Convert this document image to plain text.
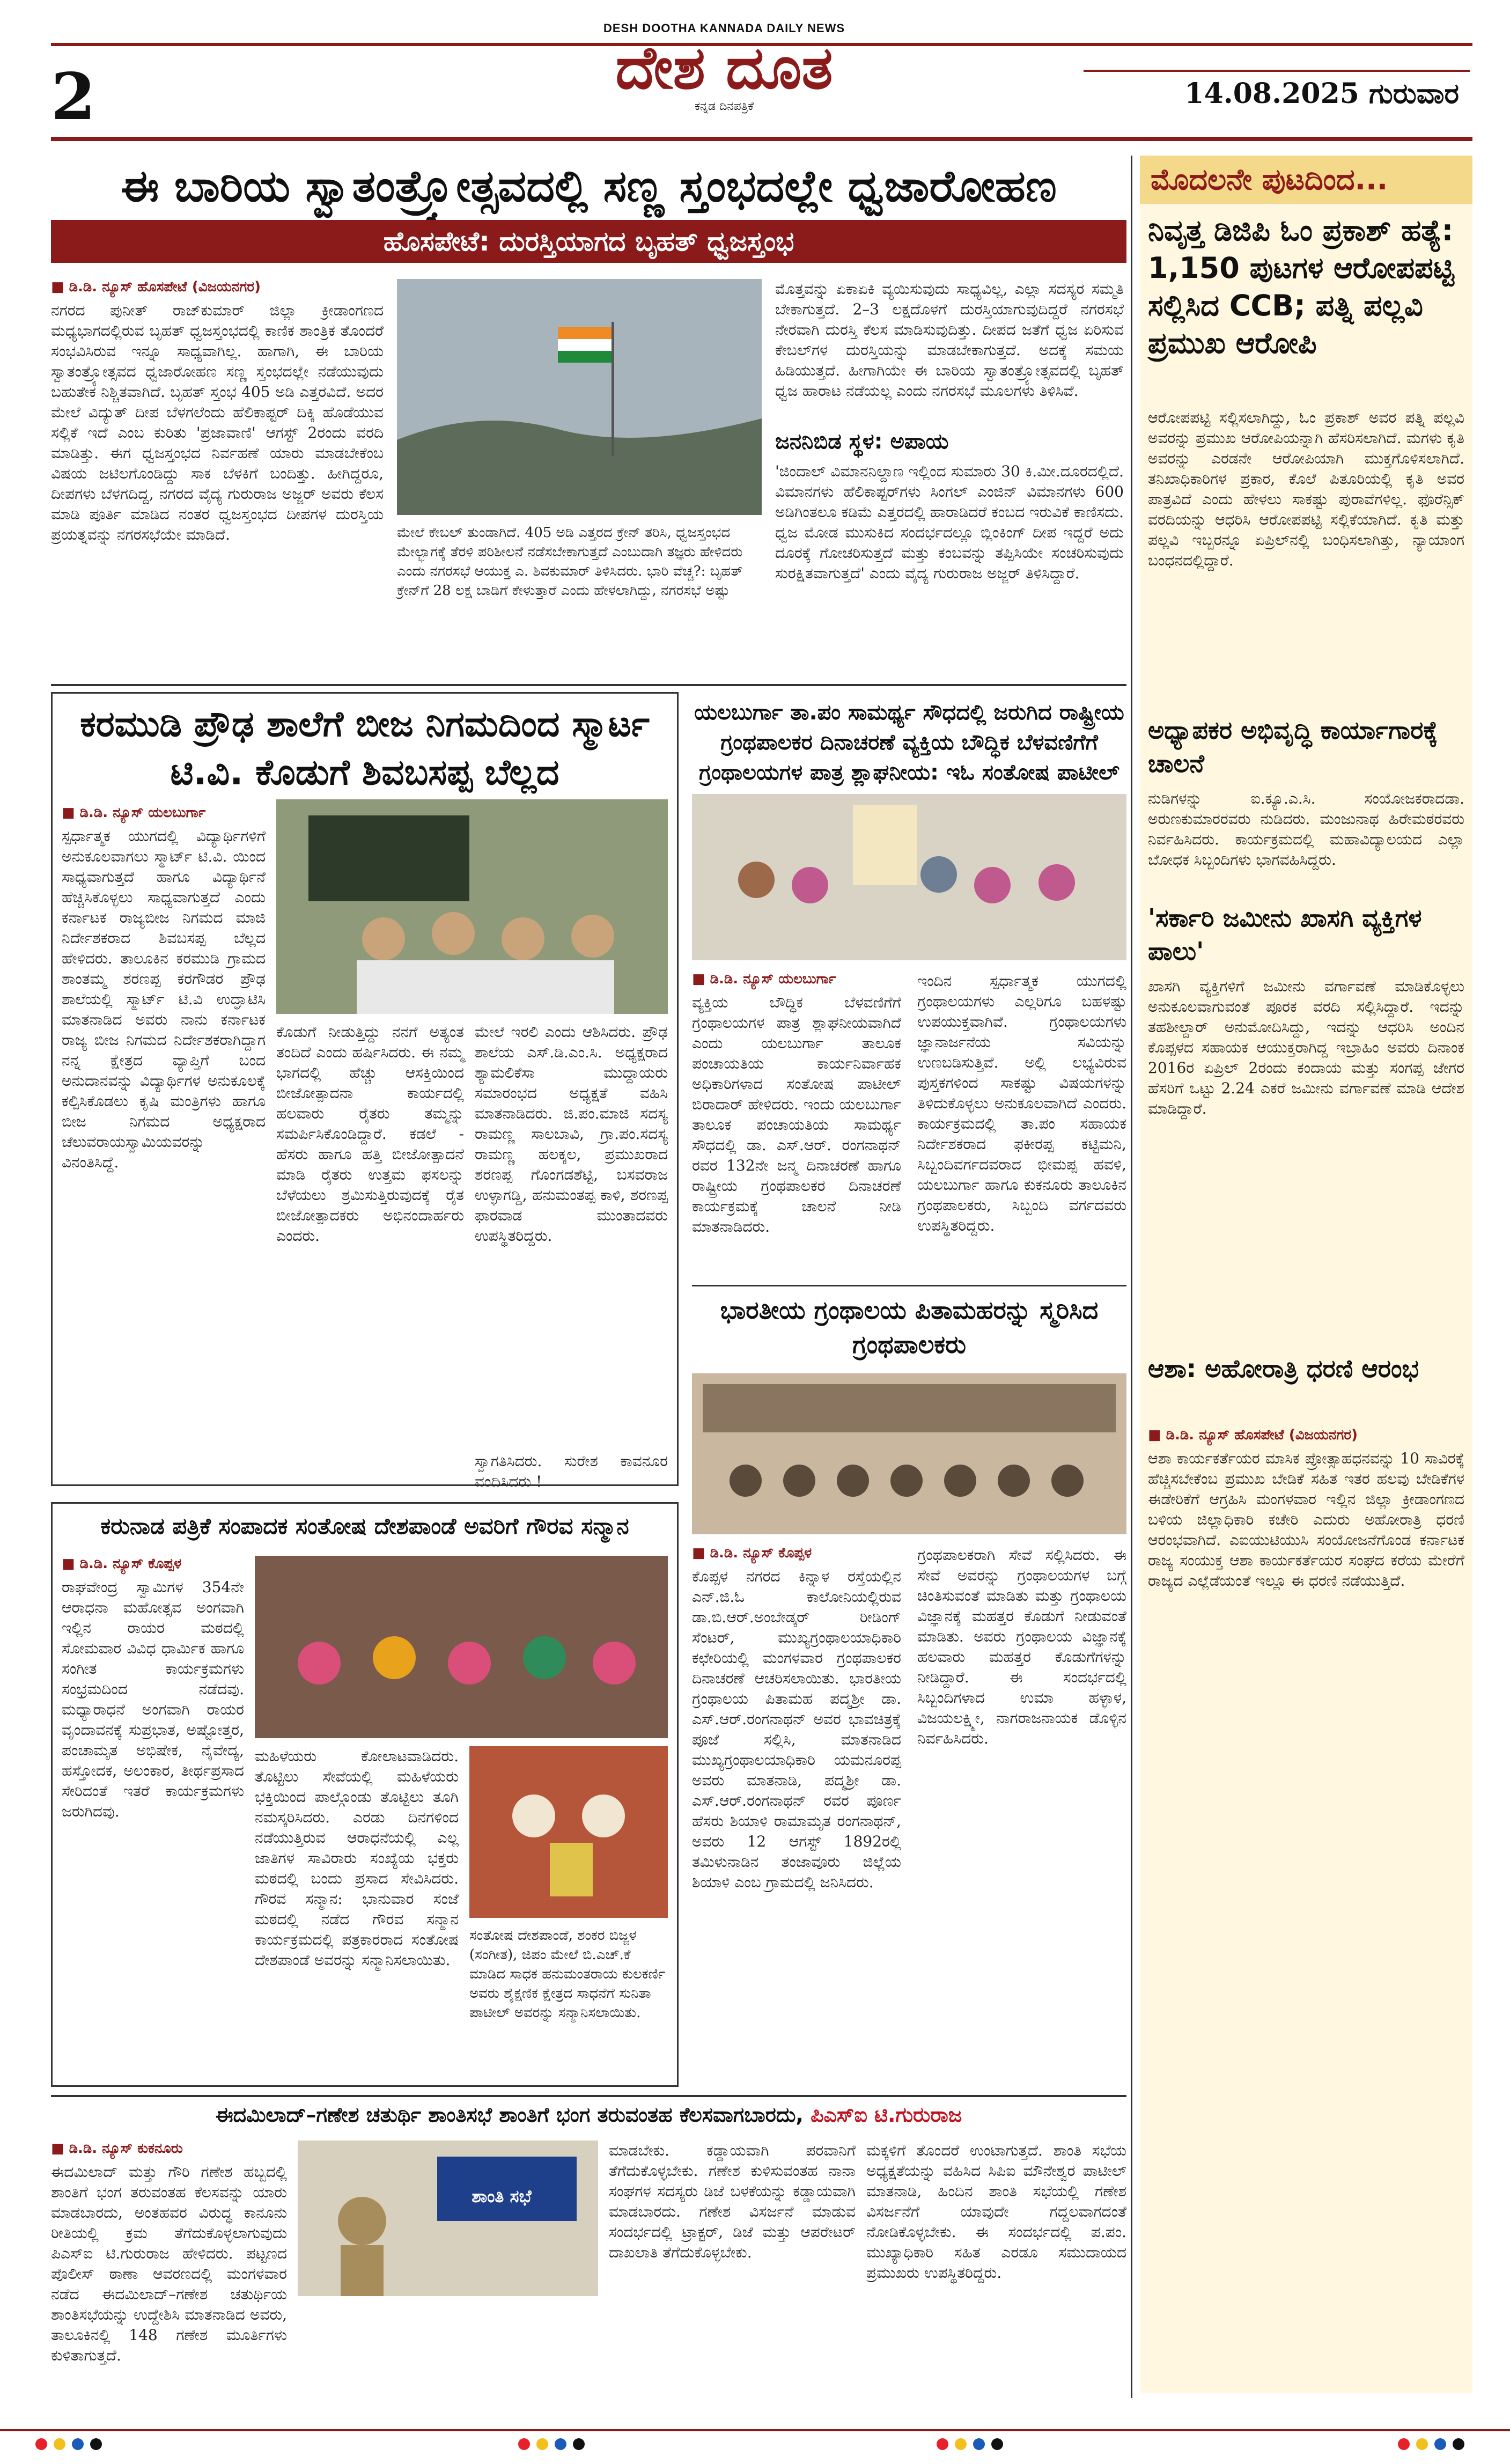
2
DESH DOOTHA KANNADA DAILY NEWS
ದೇಶ ದೂತ
ಕನ್ನಡ ದಿನಪತ್ರಿಕೆ	14.08.2025 ಗುರುವಾರ
ಈ ಬಾರಿಯ ಸ್ವಾತಂತ್ರ್ಯೋತ್ಸವದಲ್ಲಿ ಸಣ್ಣ ಸ್ತಂಭದಲ್ಲೇ ಧ್ವಜಾರೋಹಣ
ಹೊಸಪೇಟೆ: ದುರಸ್ತಿಯಾಗದ ಬೃಹತ್ ಧ್ವಜಸ್ತಂಭ
■ ಡಿ.ಡಿ. ನ್ಯೂಸ್ ಹೊಸಪೇಟೆ (ವಿಜಯನಗರ)
ನಗರದ ಪುನೀತ್ ರಾಜ್‌ಕುಮಾರ್ ಜಿಲ್ಲಾ ಕ್ರೀಡಾಂಗಣದ ಮಧ್ಯಭಾಗದಲ್ಲಿರುವ ಬೃಹತ್ ಧ್ವಜಸ್ತಂಭದಲ್ಲಿ ಕಾಣಿಕ ಶಾಂತ್ರಿಕ ತೊಂದರೆ ಸಂಭವಿಸಿರುವ ಇನ್ನೂ ಸಾಧ್ಯವಾಗಿಲ್ಲ. ಹಾಗಾಗಿ, ಈ ಬಾರಿಯ ಸ್ವಾತಂತ್ರ್ಯೋತ್ಸವದ ಧ್ವಜಾರೋಹಣ ಸಣ್ಣ ಸ್ತಂಭದಲ್ಲೇ ನಡೆಯುವುದು ಬಹುತೇಕ ನಿಶ್ಚಿತವಾಗಿದೆ. ಬೃಹತ್ ಸ್ತಂಭ 405 ಅಡಿ ಎತ್ತರವಿದೆ. ಅದರ ಮೇಲೆ ವಿದ್ಯುತ್ ದೀಪ ಬೆಳಗಲೆಂದು ಹೆಲಿಕಾಪ್ಟರ್ ದಿಕ್ಕಿ ಹೊಡೆಯುವ ಸಲ್ಲಿಕೆ ಇದೆ ಎಂಬ ಕುರಿತು 'ಪ್ರಜಾವಾಣಿ' ಆಗಸ್ಟ್ 2ರಂದು ವರದಿ ಮಾಡಿತ್ತು. ಈಗ ಧ್ವಜಸ್ತಂಭದ ನಿರ್ವಹಣೆ ಯಾರು ಮಾಡಬೇಕೆಂಬ ವಿಷಯ ಜಟಿಲಗೊಂಡಿದ್ದು ಸಾಕ ಬೆಳಕಿಗೆ ಬಂದಿತ್ತು. ಹೀಗಿದ್ದರೂ, ದೀಪಗಳು ಬೆಳಗದಿದ್ದ, ನಗರದ ವೈದ್ಯ ಗುರುರಾಜ ಅಜ್ಜರ್ ಅವರು ಕೆಲಸ ಮಾಡಿ ಪೂರ್ತಿ ಮಾಡಿದ ನಂತರ ಧ್ವಜಸ್ತಂಭದ ದೀಪಗಳ ದುರಸ್ತಿಯ ಪ್ರಯತ್ನವನ್ನು ನಗರಸಭೆಯೇ ಮಾಡಿದೆ.	ಮೇಲೆ ಕೇಬಲ್ ತುಂಡಾಗಿದೆ. 405 ಅಡಿ ಎತ್ತರದ ಕ್ರೇನ್ ತರಿಸಿ, ಧ್ವಜಸ್ತಂಭದ ಮೇಲ್ಭಾಗಕ್ಕೆ ತೆರಳಿ ಪರಿಶೀಲನೆ ನಡೆಸಬೇಕಾಗುತ್ತದೆ ಎಂಬುದಾಗಿ ತಜ್ಞರು ಹೇಳಿದರು ಎಂದು ನಗರಸಭೆ ಆಯುಕ್ತ ಎ. ಶಿವಕುಮಾರ್ ತಿಳಿಸಿದರು. ಭಾರಿ ವೆಚ್ಚ?: ಬೃಹತ್ ಕ್ರೇನ್‌ಗೆ 28 ಲಕ್ಷ ಬಾಡಿಗೆ ಕೇಳುತ್ತಾರೆ ಎಂದು ಹೇಳಲಾಗಿದ್ದು, ನಗರಸಭೆ ಅಷ್ಟು
ಮೊತ್ತವನ್ನು ಏಕಾಏಕಿ ವ್ಯಯಿಸುವುದು ಸಾಧ್ಯವಿಲ್ಲ, ಎಲ್ಲಾ ಸದಸ್ಯರ ಸಮ್ಮತಿ ಬೇಕಾಗುತ್ತದೆ. 2–3 ಲಕ್ಷದೊಳಗೆ ದುರಸ್ತಿಯಾಗುವುದಿದ್ದರೆ ನಗರಸಭೆ ನೇರವಾಗಿ ದುರಸ್ತಿ ಕೆಲಸ ಮಾಡಿಸುವುದಿತ್ತು. ದೀಪದ ಜತೆಗೆ ಧ್ವಜ ಏರಿಸುವ ಕೇಬಲ್‌ಗಳ ದುರಸ್ತಿಯನ್ನು ಮಾಡಬೇಕಾಗುತ್ತದೆ. ಅದಕ್ಕೆ ಸಮಯ ಹಿಡಿಯುತ್ತದೆ. ಹೀಗಾಗಿಯೇ ಈ ಬಾರಿಯ ಸ್ವಾತಂತ್ರ್ಯೋತ್ಸವದಲ್ಲಿ ಬೃಹತ್ ಧ್ವಜ ಹಾರಾಟ ನಡೆಯಲ್ಲ ಎಂದು ನಗರಸಭೆ ಮೂಲಗಳು ತಿಳಿಸಿವೆ.
ಜನನಿಬಿಡ ಸ್ಥಳ: ಅಪಾಯ
'ಜಿಂದಾಲ್ ವಿಮಾನನಿಲ್ದಾಣ ಇಲ್ಲಿಂದ ಸುಮಾರು 30 ಕಿ.ಮೀ.ದೂರದಲ್ಲಿದೆ. ವಿಮಾನಗಳು ಹೆಲಿಕಾಪ್ಟರ್‌ಗಳು ಸಿಂಗಲ್ ಎಂಜಿನ್ ವಿಮಾನಗಳು 600 ಅಡಿಗಿಂತಲೂ ಕಡಿಮೆ ಎತ್ತರದಲ್ಲಿ ಹಾರಾಡಿದರೆ ಕಂಬದ ಇರುವಿಕೆ ಕಾಣಿಸದು. ಧ್ವಜ ಮೋಡ ಮುಸುಕಿದ ಸಂದರ್ಭದಲ್ಲೂ ಬ್ಲಿಂಕಿಂಗ್ ದೀಪ ಇದ್ದರೆ ಅದು ದೂರಕ್ಕೆ ಗೋಚರಿಸುತ್ತದೆ ಮತ್ತು ಕಂಬವನ್ನು ತಪ್ಪಿಸಿಯೇ ಸಂಚರಿಸುವುದು ಸುರಕ್ಷಿತವಾಗುತ್ತದೆ' ಎಂದು ವೈದ್ಯ ಗುರುರಾಜ ಅಜ್ಜರ್ ತಿಳಿಸಿದ್ದಾರೆ.
ಕರಮುಡಿ ಪ್ರೌಢ ಶಾಲೆಗೆ ಬೀಜ ನಿಗಮದಿಂದ ಸ್ಮಾರ್ಟ ಟಿ.ವಿ. ಕೊಡುಗೆ ಶಿವಬಸಪ್ಪ ಬೆಲ್ಲದ
■ ಡಿ.ಡಿ. ನ್ಯೂಸ್ ಯಲಬುರ್ಗಾ
ಸ್ಪರ್ಧಾತ್ಮಕ ಯುಗದಲ್ಲಿ ವಿದ್ಯಾರ್ಥಿಗಳಿಗೆ ಅನುಕೂಲವಾಗಲು ಸ್ಮಾರ್ಟ್ ಟಿ.ವಿ. ಯಿಂದ ಸಾಧ್ಯವಾಗುತ್ತದೆ ಹಾಗೂ ವಿದ್ಯಾರ್ಥಿನೆ ಹೆಚ್ಚಿಸಿಕೊಳ್ಳಲು ಸಾಧ್ಯವಾಗುತ್ತದೆ ಎಂದು ಕರ್ನಾಟಕ ರಾಜ್ಯಬೀಜ ನಿಗಮದ ಮಾಜಿ ನಿರ್ದೇಶಕರಾದ ಶಿವಬಸಪ್ಪ ಬೆಲ್ಲದ ಹೇಳಿದರು. ತಾಲೂಕಿನ ಕರಮುಡಿ ಗ್ರಾಮದ ಶಾಂತಮ್ಮ ಶರಣಪ್ಪ ಕರಗೌಡರ ಪ್ರೌಢ ಶಾಲೆಯಲ್ಲಿ ಸ್ಮಾರ್ಟ್ ಟಿ.ವಿ ಉದ್ಘಾಟಿಸಿ ಮಾತನಾಡಿದ ಅವರು ನಾನು ಕರ್ನಾಟಕ ರಾಜ್ಯ ಬೀಜ ನಿಗಮದ ನಿರ್ದೇಶಕರಾಗಿದ್ದಾಗ ನನ್ನ ಕ್ಷೇತ್ರದ ವ್ಯಾಪ್ತಿಗೆ ಬಂದ ಅನುದಾನವನ್ನು ವಿದ್ಯಾರ್ಥಿಗಳ ಅನುಕೂಲಕ್ಕೆ ಕಲ್ಪಿಸಿಕೊಡಲು ಕೃಷಿ ಮಂತ್ರಿಗಳು ಹಾಗೂ ಬೀಜ ನಿಗಮದ ಅಧ್ಯಕ್ಷರಾದ ಚೆಲುವರಾಯಸ್ವಾಮಿಯವರನ್ನು ವಿನಂತಿಸಿದ್ದೆ.
ಕೊಡುಗೆ ನೀಡುತ್ತಿದ್ದು ನನಗೆ ಅತ್ಯಂತ ತಂದಿದೆ ಎಂದು ಹರ್ಷಿಸಿದರು. ಈ ನಮ್ಮ ಭಾಗದಲ್ಲಿ ಹೆಚ್ಚು ಆಸಕ್ತಿಯಿಂದ ಬೀಜೋತ್ಪಾದನಾ ಕಾರ್ಯದಲ್ಲಿ ಹಲವಾರು ರೈತರು ತಮ್ಮನ್ನು ಸಮರ್ಪಿಸಿಕೊಂಡಿದ್ದಾರೆ. ಕಡಲೆ - ಹೆಸರು ಹಾಗೂ ಹತ್ತಿ ಬೀಜೋತ್ಪಾದನೆ ಮಾಡಿ ರೈತರು ಉತ್ತಮ ಫಸಲನ್ನು ಬೆಳೆಯಲು ಶ್ರಮಿಸುತ್ತಿರುವುದಕ್ಕೆ ರೈತ ಬೀಜೋತ್ಪಾದಕರು ಅಭಿನಂದಾರ್ಹರು ಎಂದರು.
ಮೇಲೆ ಇರಲಿ ಎಂದು ಆಶಿಸಿದರು. ಪ್ರೌಢ ಶಾಲೆಯ ಎಸ್.ಡಿ.ಎಂ.ಸಿ. ಅಧ್ಯಕ್ಷರಾದ ಶ್ಯಾಮಲಿಕೆಸಾ ಮುದ್ದಾಯರು ಸಮಾರಂಭದ ಅಧ್ಯಕ್ಷತೆ ವಹಿಸಿ ಮಾತನಾಡಿದರು. ಜಿ.ಪಂ.ಮಾಜಿ ಸದಸ್ಯ ರಾಮಣ್ಣ ಸಾಲಬಾವಿ, ಗ್ರಾ.ಪಂ.ಸದಸ್ಯ ರಾಮಣ್ಣ ಹಲಕ್ಕಲ, ಪ್ರಮುಖರಾದ ಶರಣಪ್ಪ ಗೊಂಗಡಶೆಟ್ಟಿ, ಬಸವರಾಜ ಉಳ್ಳಾಗಡ್ಡಿ, ಹನುಮಂತಪ್ಪ ಕಾಳಿ, ಶರಣಪ್ಪ ಫಾರವಾಡ ಮುಂತಾದವರು ಉಪಸ್ಥಿತರಿದ್ದರು.
ಸ್ವಾಗತಿಸಿದರು. ಸುರೇಶ ಕಾವನೂರ ವಂದಿಸಿದರು !
ಯಲಬುರ್ಗಾ ತಾ.ಪಂ ಸಾಮರ್ಥ್ಯ ಸೌಧದಲ್ಲಿ ಜರುಗಿದ ರಾಷ್ಟ್ರೀಯ ಗ್ರಂಥಪಾಲಕರ ದಿನಾಚರಣೆ ವ್ಯಕ್ತಿಯ ಬೌದ್ಧಿಕ ಬೆಳವಣಿಗೆಗೆ ಗ್ರಂಥಾಲಯಗಳ ಪಾತ್ರ ಶ್ಲಾಘನೀಯ: ಇಓ ಸಂತೋಷ ಪಾಟೀಲ್
■ ಡಿ.ಡಿ. ನ್ಯೂಸ್ ಯಲಬುರ್ಗಾ
ವ್ಯಕ್ತಿಯ ಬೌದ್ಧಿಕ ಬೆಳವಣಿಗೆಗೆ ಗ್ರಂಥಾಲಯಗಳ ಪಾತ್ರ ಶ್ಲಾಘನೀಯವಾಗಿದೆ ಎಂದು ಯಲಬುರ್ಗಾ ತಾಲೂಕ ಪಂಚಾಯತಿಯ ಕಾರ್ಯನಿರ್ವಾಹಕ ಅಧಿಕಾರಿಗಳಾದ ಸಂತೋಷ ಪಾಟೀಲ್ ಬಿರಾದಾರ್ ಹೇಳಿದರು. ಇಂದು ಯಲಬುರ್ಗಾ ತಾಲೂಕ ಪಂಚಾಯತಿಯ ಸಾಮರ್ಥ್ಯ ಸೌಧದಲ್ಲಿ ಡಾ. ಎಸ್.ಆರ್. ರಂಗನಾಥನ್ ರವರ 132ನೇ ಜನ್ಮ ದಿನಾಚರಣೆ ಹಾಗೂ ರಾಷ್ಟ್ರೀಯ ಗ್ರಂಥಪಾಲಕರ ದಿನಾಚರಣೆ ಕಾರ್ಯಕ್ರಮಕ್ಕೆ ಚಾಲನೆ ನೀಡಿ ಮಾತನಾಡಿದರು.
ಇಂದಿನ ಸ್ಪರ್ಧಾತ್ಮಕ ಯುಗದಲ್ಲಿ ಗ್ರಂಥಾಲಯಗಳು ಎಲ್ಲರಿಗೂ ಬಹಳಷ್ಟು ಉಪಯುಕ್ತವಾಗಿವೆ. ಗ್ರಂಥಾಲಯಗಳು ಜ್ಞಾನಾರ್ಜನೆಯ ಸವಿಯನ್ನು ಉಣಬಡಿಸುತ್ತಿವೆ. ಅಲ್ಲಿ ಲಭ್ಯವಿರುವ ಪುಸ್ತಕಗಳಿಂದ ಸಾಕಷ್ಟು ವಿಷಯಗಳನ್ನು ತಿಳಿದುಕೊಳ್ಳಲು ಅನುಕೂಲವಾಗಿದೆ ಎಂದರು. ಕಾರ್ಯಕ್ರಮದಲ್ಲಿ ತಾ.ಪಂ ಸಹಾಯಕ ನಿರ್ದೇಶಕರಾದ ಫಕೀರಪ್ಪ ಕಟ್ಟಿಮನಿ, ಸಿಬ್ಬಂದಿವರ್ಗದವರಾದ ಭೀಮಪ್ಪ ಹವಳಿ, ಯಲಬುರ್ಗಾ ಹಾಗೂ ಕುಕನೂರು ತಾಲೂಕಿನ ಗ್ರಂಥಪಾಲಕರು, ಸಿಬ್ಬಂದಿ ವರ್ಗದವರು ಉಪಸ್ಥಿತರಿದ್ದರು.
ಭಾರತೀಯ ಗ್ರಂಥಾಲಯ ಪಿತಾಮಹರನ್ನು ಸ್ಮರಿಸಿದ ಗ್ರಂಥಪಾಲಕರು
■ ಡಿ.ಡಿ. ನ್ಯೂಸ್ ಕೊಪ್ಪಳ
ಕೊಪ್ಪಳ ನಗರದ ಕಿನ್ನಾಳ ರಸ್ತೆಯಲ್ಲಿನ ಎನ್.ಜಿ.ಓ ಕಾಲೋನಿಯಲ್ಲಿರುವ ಡಾ.ಬಿ.ಆರ್.ಅಂಬೇಡ್ಕರ್ ರೀಡಿಂಗ್ ಸೆಂಟರ್, ಮುಖ್ಯಗ್ರಂಥಾಲಯಾಧಿಕಾರಿ ಕಛೇರಿಯಲ್ಲಿ ಮಂಗಳವಾರ ಗ್ರಂಥಪಾಲಕರ ದಿನಾಚರಣೆ ಆಚರಿಸಲಾಯಿತು. ಭಾರತೀಯ ಗ್ರಂಥಾಲಯ ಪಿತಾಮಹ ಪದ್ಮಶ್ರೀ ಡಾ. ಎಸ್.ಆರ್.ರಂಗನಾಥನ್ ಅವರ ಭಾವಚಿತ್ರಕ್ಕೆ ಪೂಜೆ ಸಲ್ಲಿಸಿ, ಮಾತನಾಡಿದ ಮುಖ್ಯಗ್ರಂಥಾಲಯಾಧಿಕಾರಿ ಯಮನೂರಪ್ಪ ಅವರು ಮಾತನಾಡಿ, ಪದ್ಮಶ್ರೀ ಡಾ. ಎಸ್.ಆರ್.ರಂಗನಾಥನ್ ರವರ ಪೂರ್ಣ ಹೆಸರು ಶಿಯಾಳಿ ರಾಮಾಮೃತ ರಂಗನಾಥನ್, ಅವರು 12 ಆಗಸ್ಟ್ 1892ರಲ್ಲಿ ತಮಿಳುನಾಡಿನ ತಂಜಾವೂರು ಜಿಲ್ಲೆಯ ಶಿಯಾಳಿ ಎಂಬ ಗ್ರಾಮದಲ್ಲಿ ಜನಿಸಿದರು.
ಗ್ರಂಥಪಾಲಕರಾಗಿ ಸೇವೆ ಸಲ್ಲಿಸಿದರು. ಈ ಸೇವೆ ಅವರನ್ನು ಗ್ರಂಥಾಲಯಗಳ ಬಗ್ಗೆ ಚಿಂತಿಸುವಂತೆ ಮಾಡಿತು ಮತ್ತು ಗ್ರಂಥಾಲಯ ವಿಜ್ಞಾನಕ್ಕೆ ಮಹತ್ತರ ಕೊಡುಗೆ ನೀಡುವಂತೆ ಮಾಡಿತು. ಅವರು ಗ್ರಂಥಾಲಯ ವಿಜ್ಞಾನಕ್ಕೆ ಹಲವಾರು ಮಹತ್ತರ ಕೊಡುಗೆಗಳನ್ನು ನೀಡಿದ್ದಾರೆ. ಈ ಸಂದರ್ಭದಲ್ಲಿ ಸಿಬ್ಬಂದಿಗಳಾದ ಉಮಾ ಹಳ್ಳಾಳ, ವಿಜಯಲಕ್ಷ್ಮೀ, ನಾಗರಾಜನಾಯಕ ಡೊಳ್ಳಿನ ನಿರ್ವಹಿಸಿದರು.
ಕರುನಾಡ ಪತ್ರಿಕೆ ಸಂಪಾದಕ ಸಂತೋಷ ದೇಶಪಾಂಡೆ ಅವರಿಗೆ ಗೌರವ ಸನ್ಮಾನ
■ ಡಿ.ಡಿ. ನ್ಯೂಸ್ ಕೊಪ್ಪಳ
ರಾಘವೇಂದ್ರ ಸ್ವಾಮಿಗಳ 354ನೇ ಆರಾಧನಾ ಮಹೋತ್ಸವ ಅಂಗವಾಗಿ ಇಲ್ಲಿನ ರಾಯರ ಮಠದಲ್ಲಿ ಸೋಮವಾರ ವಿವಿಧ ಧಾರ್ಮಿಕ ಹಾಗೂ ಸಂಗೀತ ಕಾರ್ಯಕ್ರಮಗಳು ಸಂಭ್ರಮದಿಂದ ನಡೆದವು. ಮಧ್ಯಾರಾಧನೆ ಅಂಗವಾಗಿ ರಾಯರ ವೃಂದಾವನಕ್ಕೆ ಸುಪ್ರಭಾತ, ಅಷ್ಟೋತ್ತರ, ಪಂಚಾಮೃತ ಅಭಿಷೇಕ, ನೈವೇದ್ಯ, ಹಸ್ತೋದಕ, ಅಲಂಕಾರ, ತೀರ್ಥಪ್ರಸಾದ ಸೇರಿದಂತೆ ಇತರೆ ಕಾರ್ಯಕ್ರಮಗಳು ಜರುಗಿದವು.
ಮಹಿಳೆಯರು ಕೋಲಾಟವಾಡಿದರು. ತೊಟ್ಟಿಲು ಸೇವೆಯಲ್ಲಿ ಮಹಿಳೆಯರು ಭಕ್ತಿಯಿಂದ ಪಾಲ್ಗೊಂಡು ತೊಟ್ಟಿಲು ತೂಗಿ ನಮಸ್ಕರಿಸಿದರು. ಎರಡು ದಿನಗಳಿಂದ ನಡೆಯುತ್ತಿರುವ ಆರಾಧನೆಯಲ್ಲಿ ಎಲ್ಲ ಜಾತಿಗಳ ಸಾವಿರಾರು ಸಂಖ್ಯೆಯ ಭಕ್ತರು ಮಠದಲ್ಲಿ ಬಂದು ಪ್ರಸಾದ ಸೇವಿಸಿದರು. ಗೌರವ ಸನ್ಮಾನ: ಭಾನುವಾರ ಸಂಜೆ ಮಠದಲ್ಲಿ ನಡೆದ ಗೌರವ ಸನ್ಮಾನ ಕಾರ್ಯಕ್ರಮದಲ್ಲಿ ಪತ್ರಕಾರರಾದ ಸಂತೋಷ ದೇಶಪಾಂಡೆ ಅವರನ್ನು ಸನ್ಮಾನಿಸಲಾಯಿತು.
ಸಂತೋಷ ದೇಶಪಾಂಡೆ, ಶಂಕರ ಬಿಜ್ಜಳ (ಸಂಗೀತ), ಜಿಪಂ ಮೇಲೆ ಬಿ.ಎಚ್.ಕೆ ಮಾಡಿದ ಸಾಧಕ ಹನುಮಂತರಾಯ ಕುಲಕರ್ಣಿ ಅವರು ಶೈಕ್ಷಣಿಕ ಕ್ಷೇತ್ರದ ಸಾಧನೆಗೆ ಸುನಿತಾ ಪಾಟೀಲ್ ಅವರನ್ನು ಸನ್ಮಾನಿಸಲಾಯಿತು.
ಈದಮಿಲಾದ್–ಗಣೇಶ ಚತುರ್ಥಿ ಶಾಂತಿಸಭೆ ಶಾಂತಿಗೆ ಭಂಗ ತರುವಂತಹ ಕೆಲಸವಾಗಬಾರದು, ಪಿಎಸ್ಐ ಟಿ.ಗುರುರಾಜ
■ ಡಿ.ಡಿ. ನ್ಯೂಸ್ ಕುಕನೂರು
ಈದಮಿಲಾದ್ ಮತ್ತು ಗೌರಿ ಗಣೇಶ ಹಬ್ಬದಲ್ಲಿ ಶಾಂತಿಗೆ ಭಂಗ ತರುವಂತಹ ಕೆಲಸವನ್ನು ಯಾರು ಮಾಡಬಾರದು, ಅಂತಹವರ ವಿರುದ್ಧ ಕಾನೂನು ರೀತಿಯಲ್ಲಿ ಕ್ರಮ ತೆಗೆದುಕೊಳ್ಳಲಾಗುವುದು ಪಿಎಸ್ಐ ಟಿ.ಗುರುರಾಜ ಹೇಳಿದರು. ಪಟ್ಟಣದ ಪೊಲೀಸ್ ಠಾಣಾ ಆವರಣದಲ್ಲಿ ಮಂಗಳವಾರ ನಡೆದ ಈದಮಿಲಾದ್–ಗಣೇಶ ಚತುರ್ಥಿಯ ಶಾಂತಿಸಭೆಯನ್ನು ಉದ್ದೇಶಿಸಿ ಮಾತನಾಡಿದ ಅವರು, ತಾಲೂಕಿನಲ್ಲಿ 148 ಗಣೇಶ ಮೂರ್ತಿಗಳು ಕುಳಿತಾಗುತ್ತದೆ.
ಶಾಂತಿ ಸಭೆ
ಮಾಡಬೇಕು. ಕಡ್ಡಾಯವಾಗಿ ಪರವಾನಿಗೆ ತೆಗೆದುಕೊಳ್ಳಬೇಕು. ಗಣೇಶ ಕುಳಿಸುವಂತಹ ನಾನಾ ಸಂಘಗಳ ಸದಸ್ಯರು ಡಿಜೆ ಬಳಕೆಯನ್ನು ಕಡ್ಡಾಯವಾಗಿ ಮಾಡಬಾರದು. ಗಣೇಶ ವಿಸರ್ಜನೆ ಮಾಡುವ ಸಂದರ್ಭದಲ್ಲಿ ಟ್ರಾಕ್ಟರ್, ಡಿಜೆ ಮತ್ತು ಆಪರೇಟರ್ ದಾಖಲಾತಿ ತೆಗೆದುಕೊಳ್ಳಬೇಕು.
ಮಕ್ಕಳಿಗೆ ತೊಂದರೆ ಉಂಟಾಗುತ್ತದೆ. ಶಾಂತಿ ಸಭೆಯ ಅಧ್ಯಕ್ಷತೆಯನ್ನು ವಹಿಸಿದ ಸಿಪಿಐ ಮೌನೇಶ್ವರ ಪಾಟೀಲ್ ಮಾತನಾಡಿ, ಹಿಂದಿನ ಶಾಂತಿ ಸಭೆಯಲ್ಲಿ ಗಣೇಶ ವಿಸರ್ಜನೆಗೆ ಯಾವುದೇ ಗದ್ದಲವಾಗದಂತೆ ನೋಡಿಕೊಳ್ಳಬೇಕು. ಈ ಸಂದರ್ಭದಲ್ಲಿ ಪ.ಪಂ. ಮುಖ್ಯಾಧಿಕಾರಿ ಸಹಿತ ಎರಡೂ ಸಮುದಾಯದ ಪ್ರಮುಖರು ಉಪಸ್ಥಿತರಿದ್ದರು.
ಮೊದಲನೇ ಪುಟದಿಂದ...
ನಿವೃತ್ತ ಡಿಜಿಪಿ ಓಂ ಪ್ರಕಾಶ್ ಹತ್ಯೆ: 1,150 ಪುಟಗಳ ಆರೋಪಪಟ್ಟಿ ಸಲ್ಲಿಸಿದ CCB; ಪತ್ನಿ ಪಲ್ಲವಿ ಪ್ರಮುಖ ಆರೋಪಿ
ಆರೋಪಪಟ್ಟಿ ಸಲ್ಲಿಸಲಾಗಿದ್ದು, ಓಂ ಪ್ರಕಾಶ್ ಅವರ ಪತ್ನಿ ಪಲ್ಲವಿ ಅವರನ್ನು ಪ್ರಮುಖ ಆರೋಪಿಯನ್ನಾಗಿ ಹೆಸರಿಸಲಾಗಿದೆ. ಮಗಳು ಕೃತಿ ಅವರನ್ನು ಎರಡನೇ ಆರೋಪಿಯಾಗಿ ಮುಕ್ತಗೊಳಿಸಲಾಗಿದೆ. ತನಿಖಾಧಿಕಾರಿಗಳ ಪ್ರಕಾರ, ಕೊಲೆ ಪಿತೂರಿಯಲ್ಲಿ ಕೃತಿ ಅವರ ಪಾತ್ರವಿದೆ ಎಂದು ಹೇಳಲು ಸಾಕಷ್ಟು ಪುರಾವೆಗಳಿಲ್ಲ. ಫೊರೆನ್ಸಿಕ್ ವರದಿಯನ್ನು ಆಧರಿಸಿ ಆರೋಪಪಟ್ಟಿ ಸಲ್ಲಿಕೆಯಾಗಿದೆ. ಕೃತಿ ಮತ್ತು ಪಲ್ಲವಿ ಇಬ್ಬರನ್ನೂ ಏಪ್ರಿಲ್‌ನಲ್ಲಿ ಬಂಧಿಸಲಾಗಿತ್ತು, ನ್ಯಾಯಾಂಗ ಬಂಧನದಲ್ಲಿದ್ದಾರೆ.
ಅಧ್ಯಾಪಕರ ಅಭಿವೃದ್ಧಿ ಕಾರ್ಯಾಗಾರಕ್ಕೆ ಚಾಲನೆ
ನುಡಿಗಳನ್ನು ಐ.ಕ್ಯೂ.ಎ.ಸಿ. ಸಂಯೋಜಕರಾದಡಾ. ಅರುಣಕುಮಾರರವರು ನುಡಿದರು. ಮಂಜುನಾಥ ಹಿರೇಮಠರವರು ನಿರ್ವಹಿಸಿದರು. ಕಾರ್ಯಕ್ರಮದಲ್ಲಿ ಮಹಾವಿದ್ಯಾಲಯದ ಎಲ್ಲಾ ಬೋಧಕ ಸಿಬ್ಬಂದಿಗಳು ಭಾಗವಹಿಸಿದ್ದರು.
'ಸರ್ಕಾರಿ ಜಮೀನು ಖಾಸಗಿ ವ್ಯಕ್ತಿಗಳ ಪಾಲು'
ಖಾಸಗಿ ವ್ಯಕ್ತಿಗಳಿಗೆ ಜಮೀನು ವರ್ಗಾವಣೆ ಮಾಡಿಕೊಳ್ಳಲು ಅನುಕೂಲವಾಗುವಂತೆ ಪೂರಕ ವರದಿ ಸಲ್ಲಿಸಿದ್ದಾರೆ. ಇದನ್ನು ತಹಶೀಲ್ದಾರ್ ಅನುಮೋದಿಸಿದ್ದು, ಇದನ್ನು ಆಧರಿಸಿ ಅಂದಿನ ಕೊಪ್ಪಳದ ಸಹಾಯಕ ಆಯುಕ್ತರಾಗಿದ್ದ ಇಬ್ರಾಹಿಂ ಅವರು ದಿನಾಂಕ 2016ರ ಏಪ್ರಿಲ್ 2ರಂದು ಕಂದಾಯ ಮತ್ತು ಸಂಗಪ್ಪ ಜೇಗರ ಹೆಸರಿಗೆ ಒಟ್ಟು 2.24 ಎಕರೆ ಜಮೀನು ವರ್ಗಾವಣೆ ಮಾಡಿ ಆದೇಶ ಮಾಡಿದ್ದಾರೆ.
ಆಶಾ: ಅಹೋರಾತ್ರಿ ಧರಣಿ ಆರಂಭ
■ ಡಿ.ಡಿ. ನ್ಯೂಸ್ ಹೊಸಪೇಟೆ (ವಿಜಯನಗರ)
ಆಶಾ ಕಾರ್ಯಕರ್ತೆಯರ ಮಾಸಿಕ ಪ್ರೋತ್ಸಾಹಧನವನ್ನು 10 ಸಾವಿರಕ್ಕೆ ಹೆಚ್ಚಿಸಬೇಕೆಂಬ ಪ್ರಮುಖ ಬೇಡಿಕೆ ಸಹಿತ ಇತರ ಹಲವು ಬೇಡಿಕೆಗಳ ಈಡೇರಿಕೆಗೆ ಆಗ್ರಹಿಸಿ ಮಂಗಳವಾರ ಇಲ್ಲಿನ ಜಿಲ್ಲಾ ಕ್ರೀಡಾಂಗಣದ ಬಳಿಯ ಜಿಲ್ಲಾಧಿಕಾರಿ ಕಚೇರಿ ಎದುರು ಅಹೋರಾತ್ರಿ ಧರಣಿ ಆರಂಭವಾಗಿದೆ. ಎಐಯುಟಿಯುಸಿ ಸಂಯೋಜನೆಗೊಂಡ ಕರ್ನಾಟಕ ರಾಜ್ಯ ಸಂಯುಕ್ತ ಆಶಾ ಕಾರ್ಯಕರ್ತೆಯರ ಸಂಘದ ಕರೆಯ ಮೇರೆಗೆ ರಾಜ್ಯದ ಎಲ್ಲೆಡೆಯಂತೆ ಇಲ್ಲೂ ಈ ಧರಣಿ ನಡೆಯುತ್ತಿದೆ.
